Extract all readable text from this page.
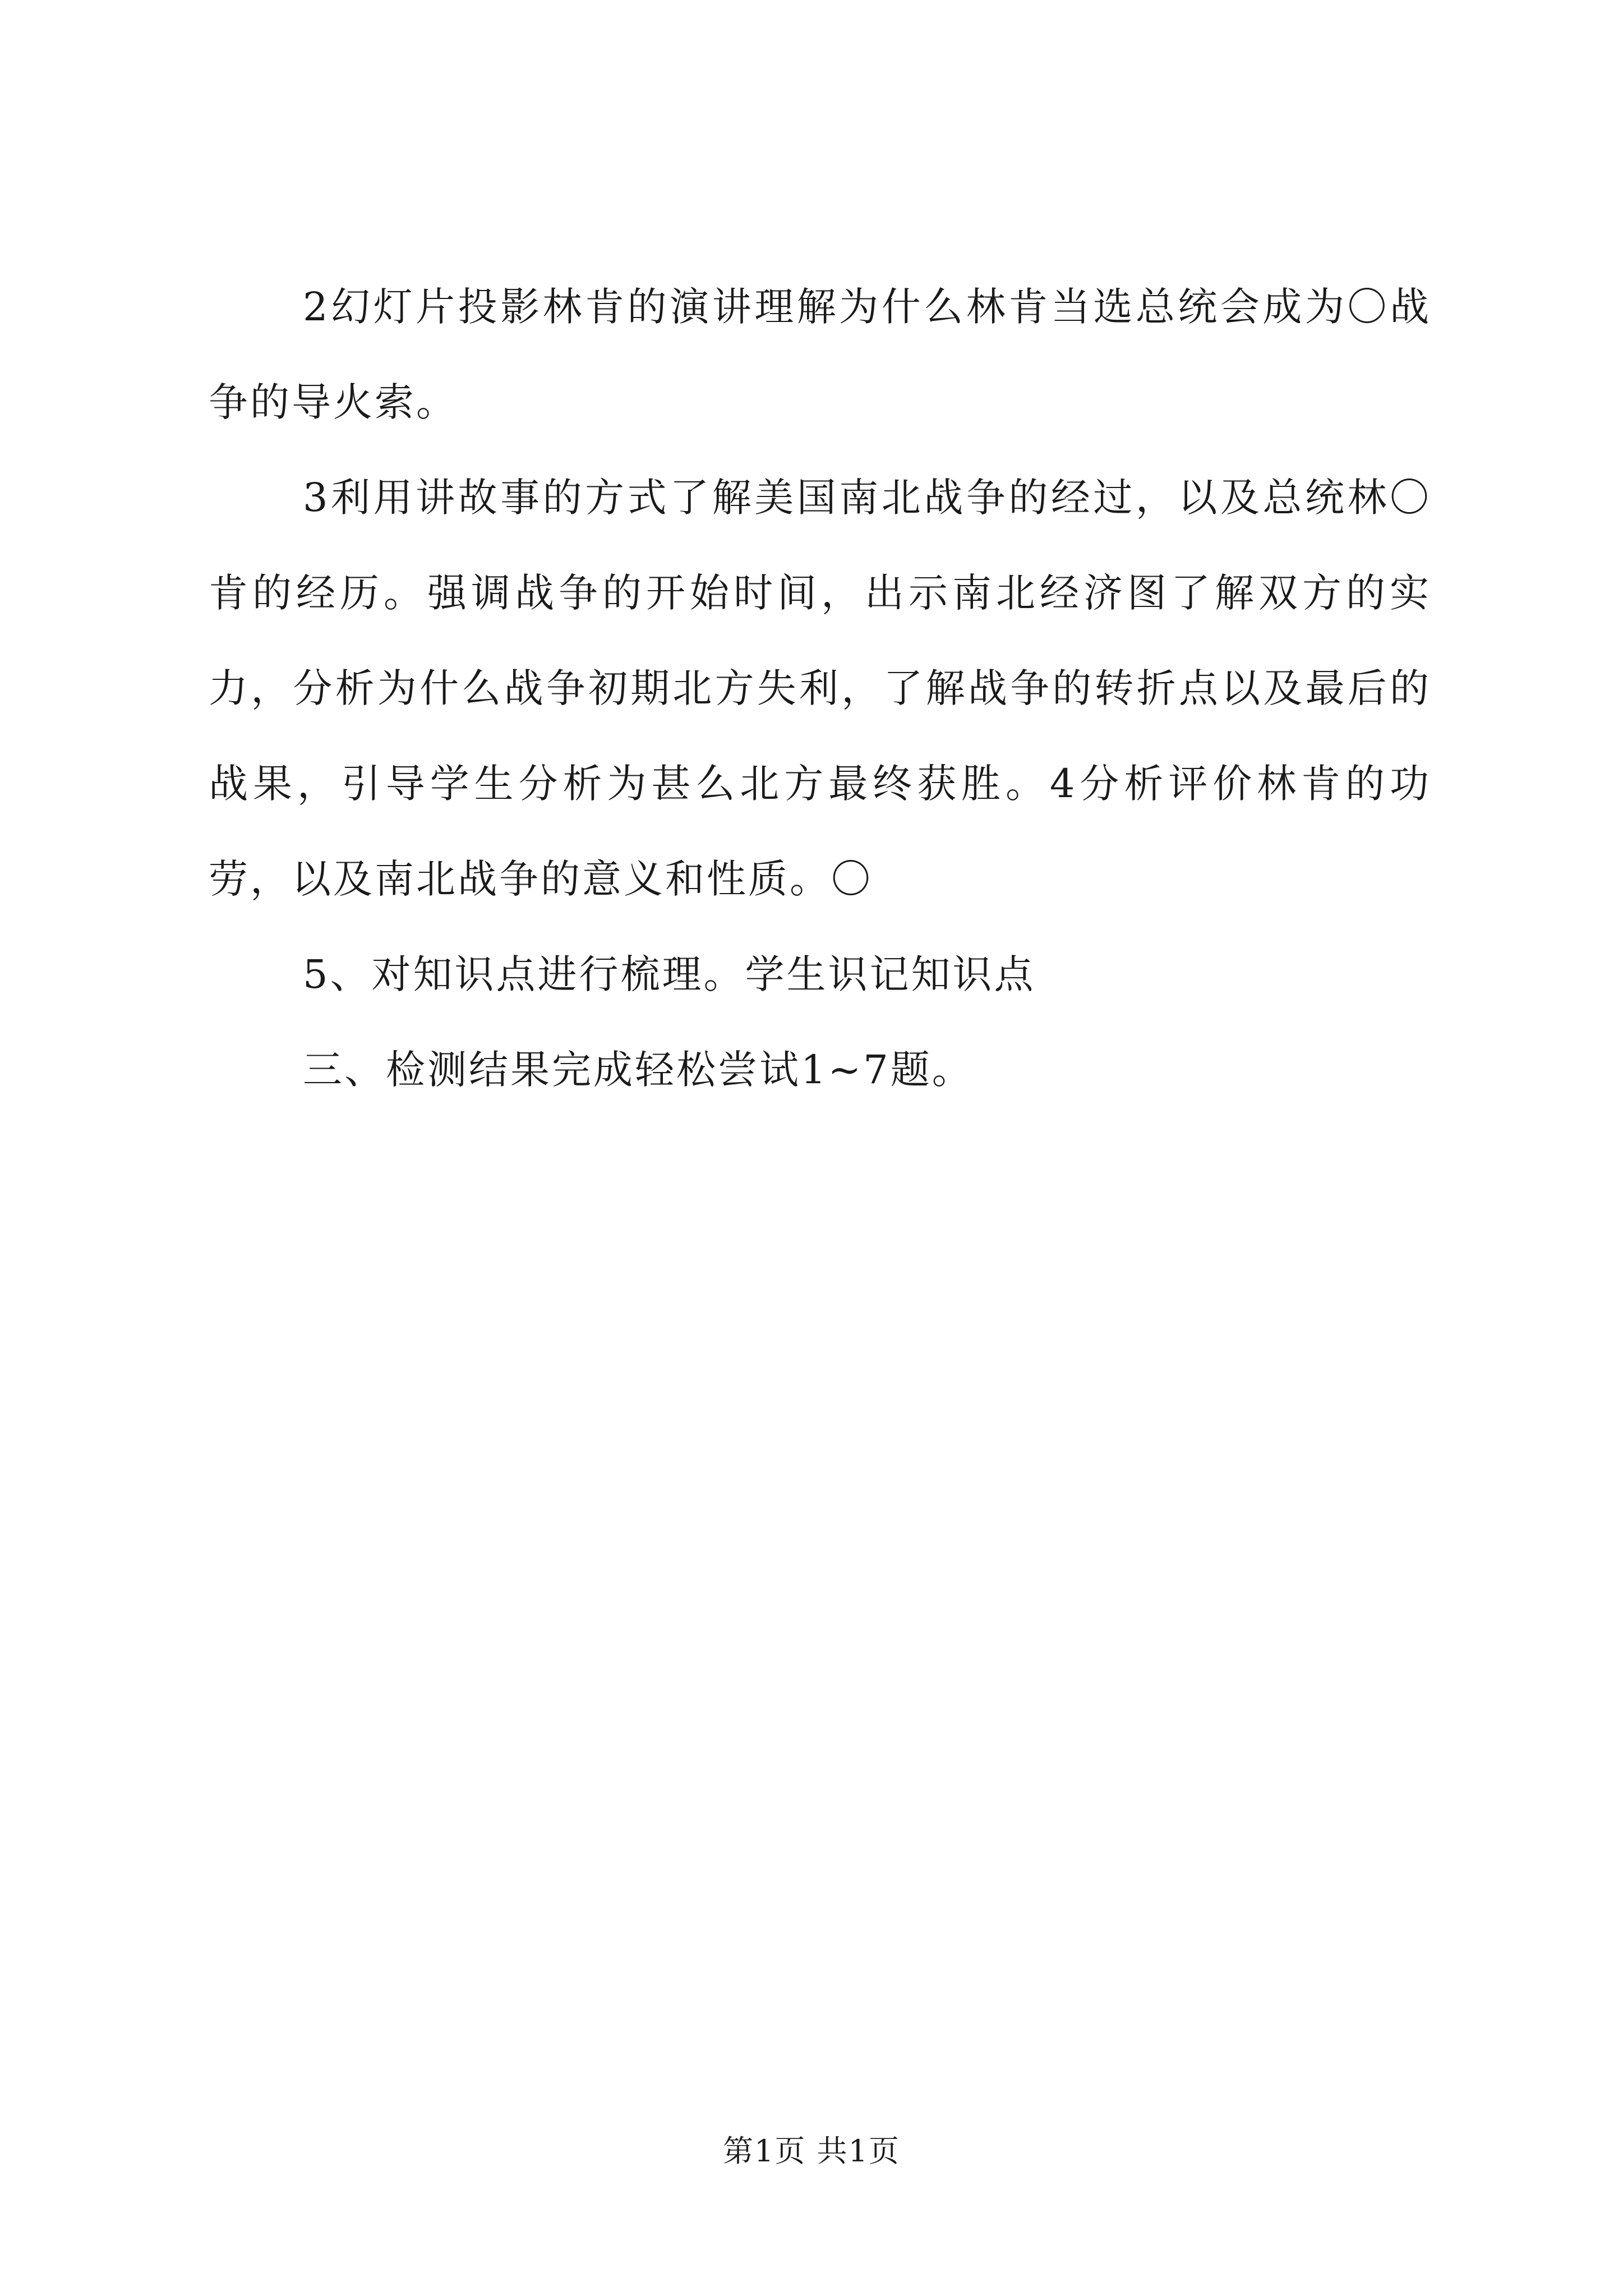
2幻灯片投影林肯的演讲理解为什么林肯当选总统会成为〇战争的导火索。

3利用讲故事的方式了解美国南北战争的经过，以及总统林〇肯的经历。强调战争的开始时间，出示南北经济图了解双方的实力，分析为什么战争初期北方失利，了解战争的转折点以及最后的战果，引导学生分析为甚么北方最终获胜。4分析评价林肯的功劳，以及南北战争的意义和性质。〇

5、对知识点进行梳理。学生识记知识点

三、检测结果完成轻松尝试1~7题。

第1页 共1页
